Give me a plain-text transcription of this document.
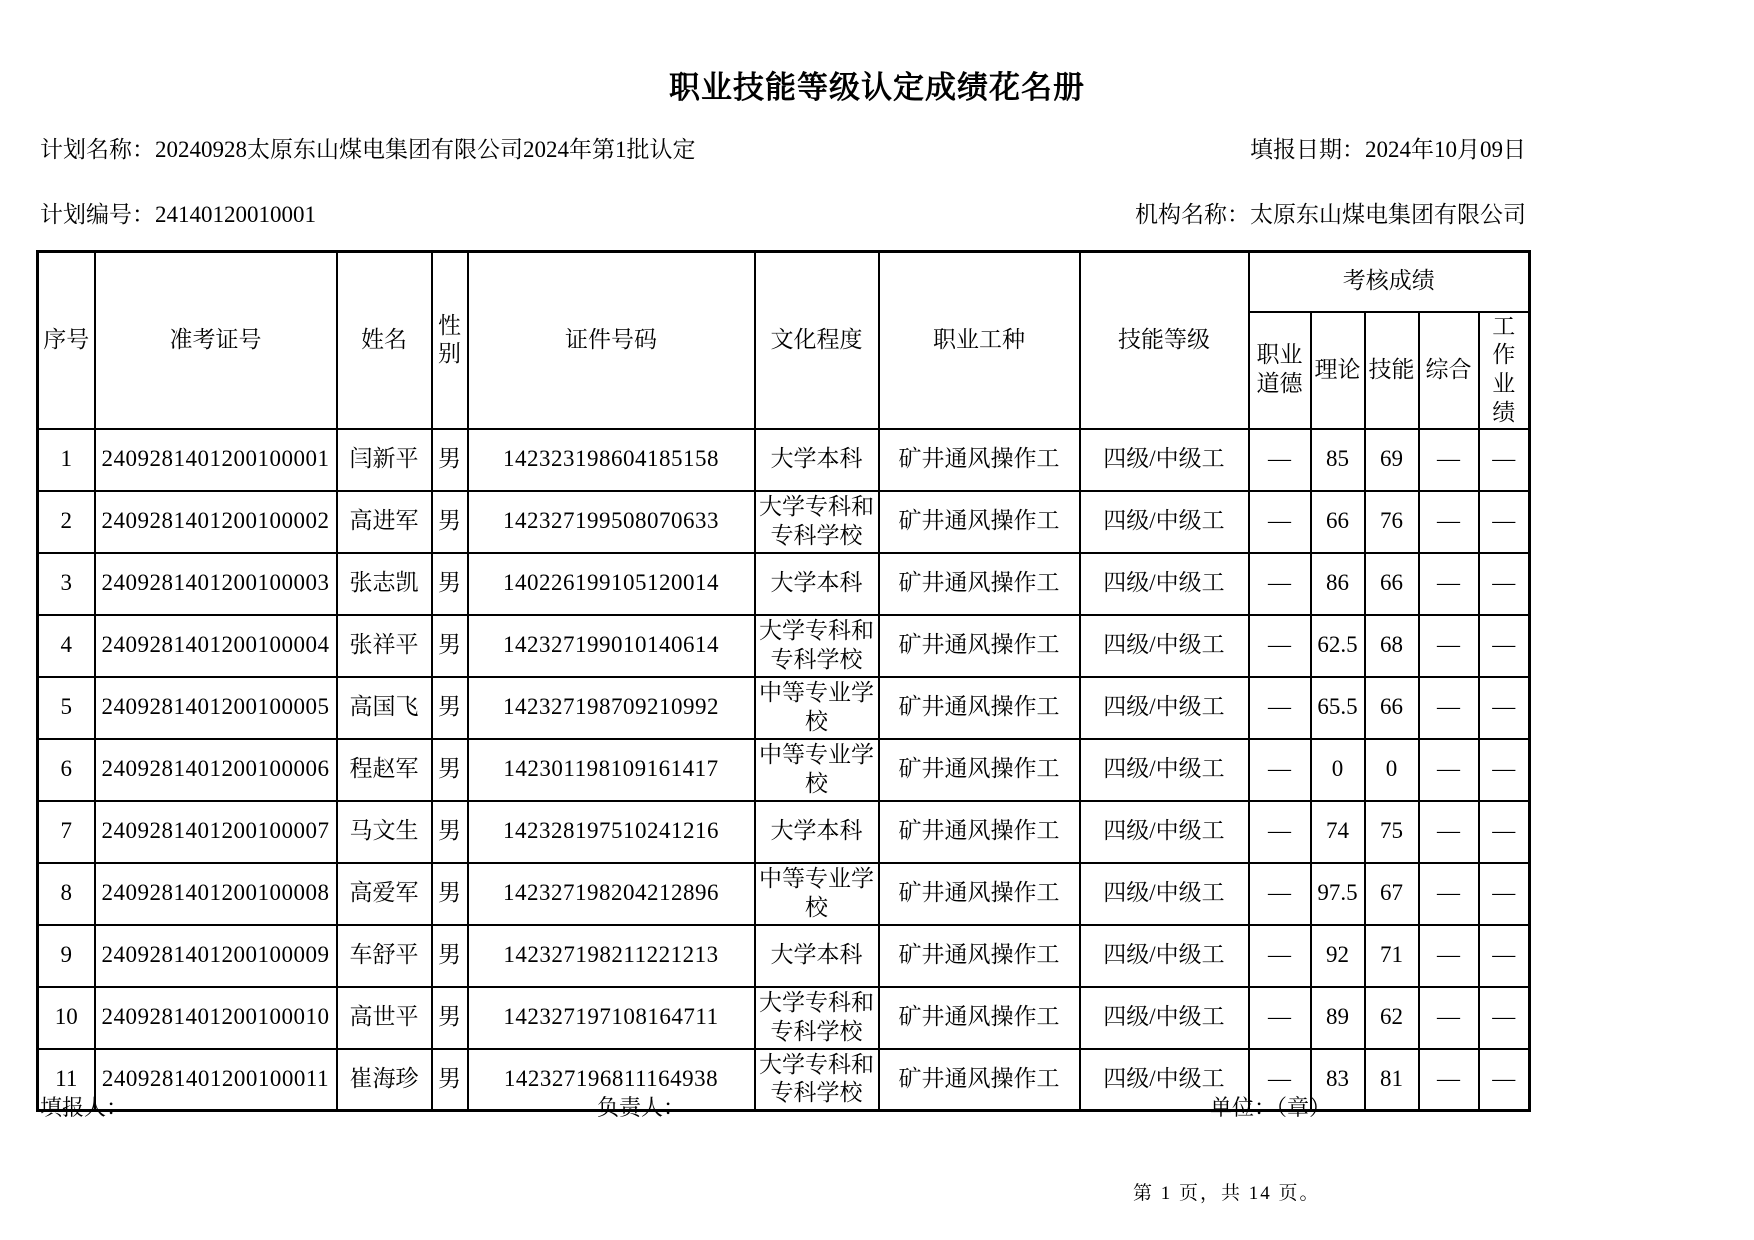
职业技能等级认定成绩花名册
计划名称：20240928太原东山煤电集团有限公司2024年第1批认定	填报日期：2024年10月09日
计划编号：24140120010001	机构名称：太原东山煤电集团有限公司
序号	准考证号	姓名	性别	证件号码	文化程度	职业工种	技能等级	考核成绩				
								职业道德	理论	技能	综合	工作业绩
1	2409281401200100001	闫新平	男	142323198604185158	大学本科	矿井通风操作工	四级/中级工	—	85	69	—	—
2	2409281401200100002	高进军	男	142327199508070633	大学专科和专科学校	矿井通风操作工	四级/中级工	—	66	76	—	—
3	2409281401200100003	张志凯	男	140226199105120014	大学本科	矿井通风操作工	四级/中级工	—	86	66	—	—
4	2409281401200100004	张祥平	男	142327199010140614	大学专科和专科学校	矿井通风操作工	四级/中级工	—	62.5	68	—	—
5	2409281401200100005	高国飞	男	142327198709210992	中等专业学校	矿井通风操作工	四级/中级工	—	65.5	66	—	—
6	2409281401200100006	程赵军	男	142301198109161417	中等专业学校	矿井通风操作工	四级/中级工	—	0	0	—	—
7	2409281401200100007	马文生	男	142328197510241216	大学本科	矿井通风操作工	四级/中级工	—	74	75	—	—
8	2409281401200100008	高爱军	男	142327198204212896	中等专业学校	矿井通风操作工	四级/中级工	—	97.5	67	—	—
9	2409281401200100009	车舒平	男	142327198211221213	大学本科	矿井通风操作工	四级/中级工	—	92	71	—	—
10	2409281401200100010	高世平	男	142327197108164711	大学专科和专科学校	矿井通风操作工	四级/中级工	—	89	62	—	—
11	2409281401200100011	崔海珍	男	142327196811164938	大学专科和专科学校	矿井通风操作工	四级/中级工	—	83	81	—	—
填报人：	负责人：	单位：（章）
第 1 页，共 14 页。
